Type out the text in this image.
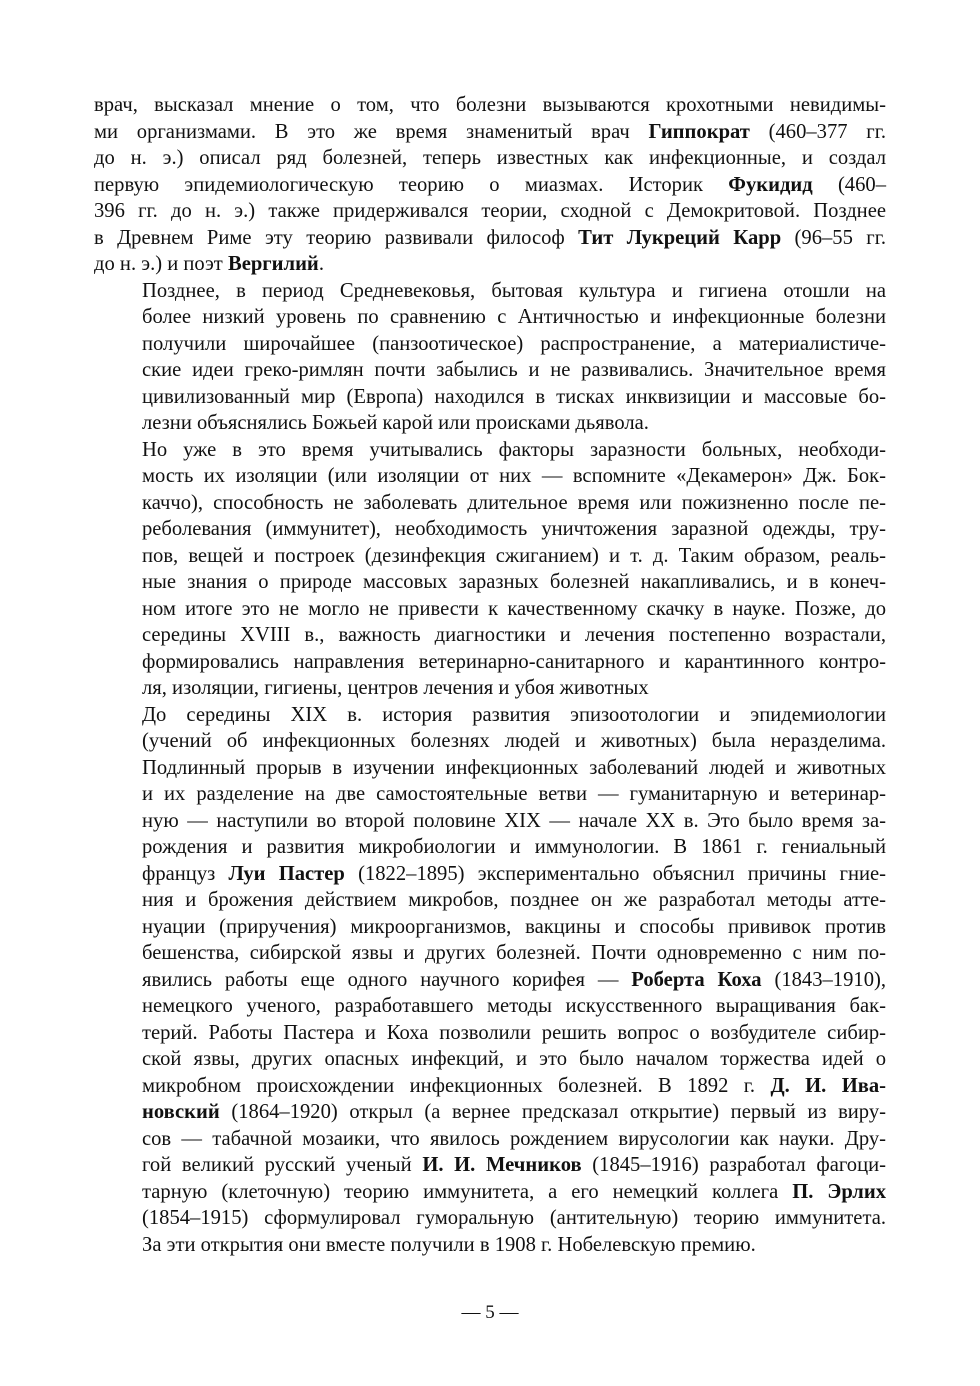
врач, высказал мнение о том, что болезни вызываются крохотными невидимы-
ми организмами. В это же время знаменитый врач Гиппократ (460–377 гг.
до н. э.) описал ряд болезней, теперь известных как инфекционные, и создал
первую эпидемиологическую теорию о миазмах. Историк Фукидид (460–
396 гг. до н. э.) также придерживался теории, сходной с Демокритовой. Позднее
в Древнем Риме эту теорию развивали философ Тит Лукреций Карр (96–55 гг.
до н. э.) и поэт Вергилий.
Позднее, в период Средневековья, бытовая культура и гигиена отошли на
более низкий уровень по сравнению с Античностью и инфекционные болезни
получили широчайшее (панзоотическое) распространение, а материалистиче-
ские идеи греко-римлян почти забылись и не развивались. Значительное время
цивилизованный мир (Европа) находился в тисках инквизиции и массовые бо-
лезни объяснялись Божьей карой или происками дьявола.
Но уже в это время учитывались факторы заразности больных, необходи-
мость их изоляции (или изоляции от них — вспомните «Декамерон» Дж. Бок-
каччо), способность не заболевать длительное время или пожизненно после пе-
реболевания (иммунитет), необходимость уничтожения заразной одежды, тру-
пов, вещей и построек (дезинфекция сжиганием) и т. д. Таким образом, реаль-
ные знания о природе массовых заразных болезней накапливались, и в конеч-
ном итоге это не могло не привести к качественному скачку в науке. Позже, до
середины XVIII в., важность диагностики и лечения постепенно возрастали,
формировались направления ветеринарно-санитарного и карантинного контро-
ля, изоляции, гигиены, центров лечения и убоя животных
До середины XIX в. история развития эпизоотологии и эпидемиологии
(учений об инфекционных болезнях людей и животных) была неразделима.
Подлинный прорыв в изучении инфекционных заболеваний людей и животных
и их разделение на две самостоятельные ветви — гуманитарную и ветеринар-
ную — наступили во второй половине XIX — начале XX в. Это было время за-
рождения и развития микробиологии и иммунологии. В 1861 г. гениальный
француз Луи Пастер (1822–1895) экспериментально объяснил причины гние-
ния и брожения действием микробов, позднее он же разработал методы атте-
нуации (приручения) микроорганизмов, вакцины и способы прививок против
бешенства, сибирской язвы и других болезней. Почти одновременно с ним по-
явились работы еще одного научного корифея — Роберта Коха (1843–1910),
немецкого ученого, разработавшего методы искусственного выращивания бак-
терий. Работы Пастера и Коха позволили решить вопрос о возбудителе сибир-
ской язвы, других опасных инфекций, и это было началом торжества идей о
микробном происхождении инфекционных болезней. В 1892 г. Д. И. Ива-
новский (1864–1920) открыл (а вернее предсказал открытие) первый из виру-
сов — табачной мозаики, что явилось рождением вирусологии как науки. Дру-
гой великий русский ученый И. И. Мечников (1845–1916) разработал фагоци-
тарную (клеточную) теорию иммунитета, а его немецкий коллега П. Эрлих
(1854–1915) сформулировал гуморальную (антительную) теорию иммунитета.
За эти открытия они вместе получили в 1908 г. Нобелевскую премию.
— 5 —
